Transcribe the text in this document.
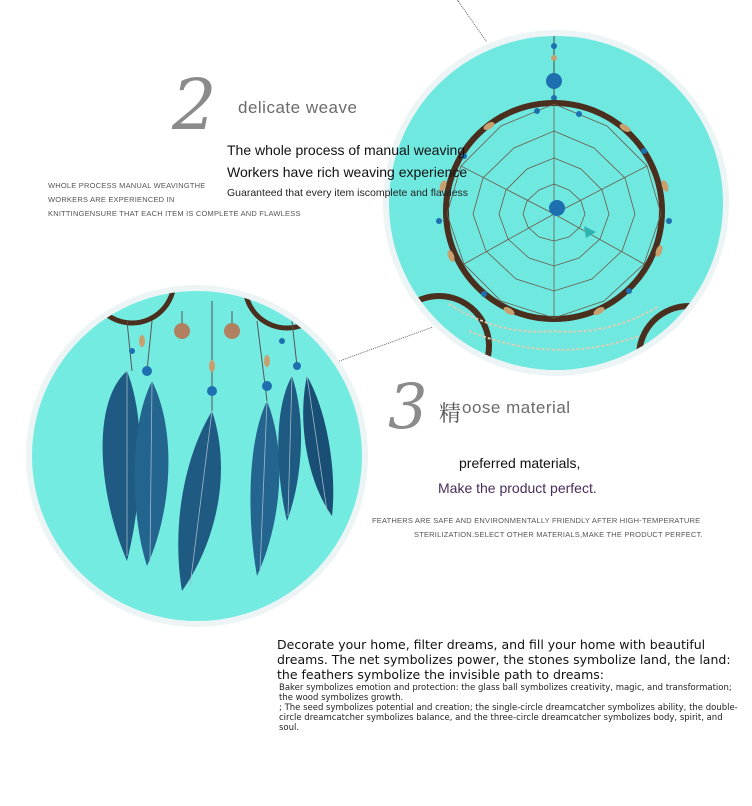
2 delicate weave
The whole process of manual weaving
Workers have rich weaving experience
Guaranteed that every item iscomplete and flawless
WHOLE PROCESS MANUAL WEAVINGTHE
WORKERS ARE EXPERIENCED IN
KNITTINGENSURE THAT EACH ITEM IS COMPLETE AND FLAWLESS
3 精 oose material
preferred materials,
Make the product perfect.
FEATHERS ARE SAFE AND ENVIRONMENTALLY FRIENDLY AFTER HIGH-TEMPERATURE
STERILIZATION.SELECT OTHER MATERIALS,MAKE THE PRODUCT PERFECT.
Decorate your home, filter dreams, and fill your home with beautiful dreams. The net symbolizes power, the stones symbolize land, the land: the feathers symbolize the invisible path to dreams:

Baker symbolizes emotion and protection: the glass ball symbolizes creativity, magic, and transformation; the wood symbolizes growth.

; The seed symbolizes potential and creation; the single-circle dreamcatcher symbolizes ability, the double-circle dreamcatcher symbolizes balance, and the three-circle dreamcatcher symbolizes body, spirit, and soul.
